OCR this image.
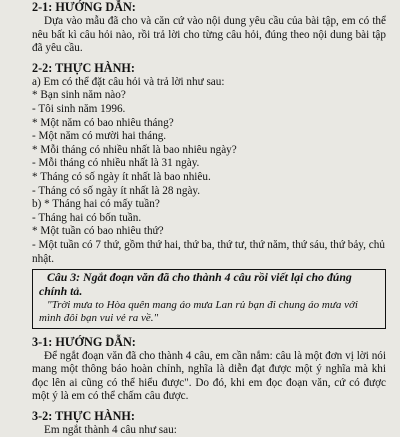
2-1: HƯỚNG DẪN:

Dựa vào mẫu đã cho và căn cứ vào nội dung yêu cầu của bài tập, em có thể nêu bất kì câu hỏi nào, rồi trả lời cho từng câu hỏi, đúng theo nội dung bài tập đã yêu cầu.

2-2: THỰC HÀNH:

a) Em có thể đặt câu hỏi và trả lời như sau:

* Bạn sinh năm nào?

- Tôi sinh năm 1996.

* Một năm có bao nhiêu tháng?

- Một năm có mười hai tháng.

* Mỗi tháng có nhiều nhất là bao nhiêu ngày?

- Mỗi tháng có nhiều nhất là 31 ngày.

* Tháng có số ngày ít nhất là bao nhiêu.

- Tháng có số ngày ít nhất là 28 ngày.

b) * Tháng hai có mấy tuần?

- Tháng hai có bốn tuần.

* Một tuần có bao nhiêu thứ?

- Một tuần có 7 thứ, gồm thứ hai, thứ ba, thứ tư, thứ năm, thứ sáu, thứ bảy, chủ nhật.

Câu 3: Ngắt đoạn văn đã cho thành 4 câu rồi viết lại cho đúng chính tả.

"Trời mưa to Hòa quên mang áo mưa Lan rủ bạn đi chung áo mưa với mình đôi bạn vui vẻ ra về."

3-1: HƯỚNG DẪN:

Để ngắt đoạn văn đã cho thành 4 câu, em cần nắm: câu là một đơn vị lời nói mang một thông báo hoàn chỉnh, nghĩa là diễn đạt được một ý nghĩa mà khi đọc lên ai cũng có thể hiểu được". Do đó, khi em đọc đoạn văn, cứ có được một ý là em có thể chấm câu được.

3-2: THỰC HÀNH:

Em ngắt thành 4 câu như sau:
